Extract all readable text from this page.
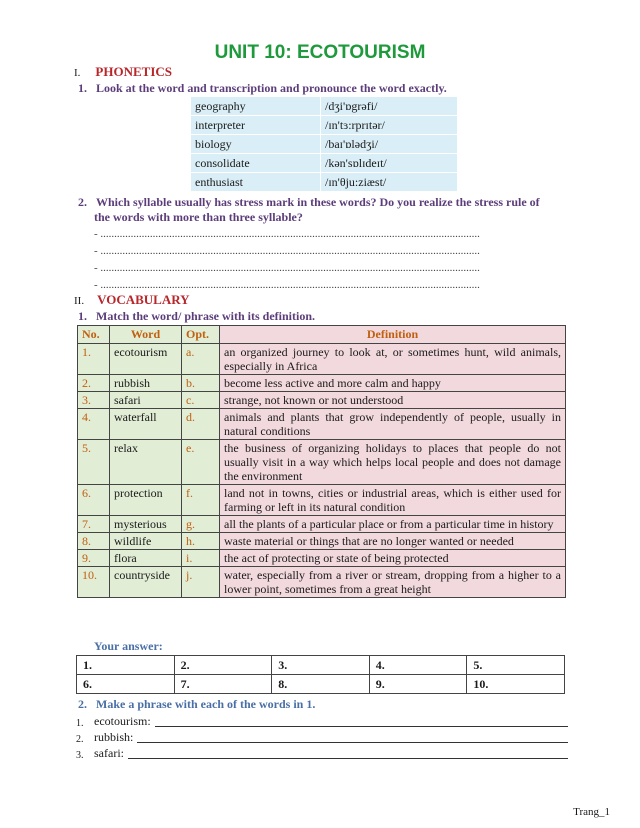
UNIT 10: ECOTOURISM
I. PHONETICS
1. Look at the word and transcription and pronounce the word exactly.
geography	/dʒi'ɒgrəfi/
interpreter	/ɪn'tɜ:rprɪtər/
biology	/baɪ'ɒlədʒi/
consolidate	/kən'sɒlɪdeɪt/
enthusiast	/ɪn'θju:ziæst/
2. Which syllable usually has stress mark in these words? Do you realize the stress rule of
the words with more than three syllable?
- ..........................................................................................................................................
- ..........................................................................................................................................
- ..........................................................................................................................................
- ..........................................................................................................................................
II. VOCABULARY
1. Match the word/ phrase with its definition.
No.	Word	Opt.	Definition
1.	ecotourism	a.	an organized journey to look at, or sometimes hunt, wild animals, especially in Africa
2.	rubbish	b.	become less active and more calm and happy
3.	safari	c.	strange, not known or not understood
4.	waterfall	d.	animals and plants that grow independently of people, usually in natural conditions
5.	relax	e.	the business of organizing holidays to places that people do not usually visit in a way which helps local people and does not damage the environment
6.	protection	f.	land not in towns, cities or industrial areas, which is either used for farming or left in its natural condition
7.	mysterious	g.	all the plants of a particular place or from a particular time in history
8.	wildlife	h.	waste material or things that are no longer wanted or needed
9.	flora	i.	the act of protecting or state of being protected
10.	countryside	j.	water, especially from a river or stream, dropping from a higher to a lower point, sometimes from a great height
Your answer:
1.	2.	3.	4.	5.
6.	7.	8.	9.	10.
2. Make a phrase with each of the words in 1.
1. ecotourism:
2. rubbish:
3. safari:
Trang_1
